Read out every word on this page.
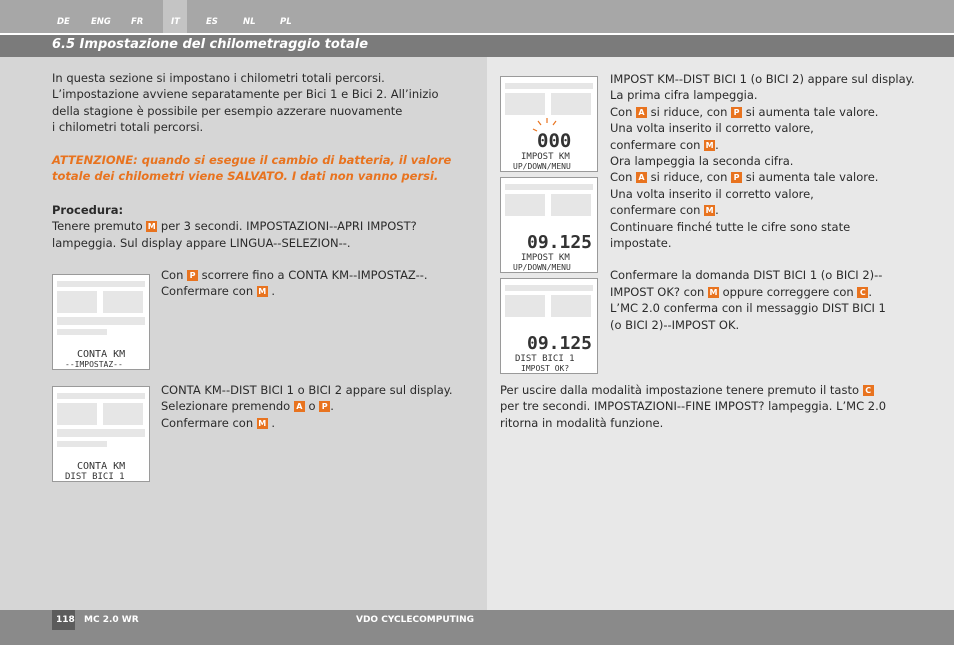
DE ENG FR	IT	ES	NL	PL
6.5 Impostazione del chilometraggio totale
In questa sezione si impostano i chilometri totali percorsi.
L’impostazione avviene separatamente per Bici 1 e Bici 2. All’inizio
della stagione è possibile per esempio azzerare nuovamente
i chilometri totali percorsi.
ATTENZIONE: quando si esegue il cambio di batteria, il valore
totale dei chilometri viene SALVATO. I dati non vanno persi.
Procedura:
Tenere premuto M per 3 secondi. IMPOSTAZIONI--APRI IMPOST?
lampeggia. Sul display appare LINGUA--SELEZION--.
CONTA KM
--IMPOSTAZ--
Con P scorrere fino a CONTA KM--IMPOSTAZ--.
Confermare con M .
CONTA KM
DIST BICI 1
CONTA KM--DIST BICI 1 o BICI 2 appare sul display.
Selezionare premendo A o P .
Confermare con M .
000
IMPOST KM
UP/DOWN/MENU
09.125
IMPOST KM
UP/DOWN/MENU
09.125
DIST BICI 1
IMPOST OK?
IMPOST KM--DIST BICI 1 (o BICI 2) appare sul display.
La prima cifra lampeggia.
Con A si riduce, con P si aumenta tale valore.
Una volta inserito il corretto valore,
confermare con M .
Ora lampeggia la seconda cifra.
Con A si riduce, con P si aumenta tale valore.
Una volta inserito il corretto valore,
confermare con M .
Continuare finché tutte le cifre sono state
impostate.
Confermare la domanda DIST BICI 1 (o BICI 2)--
IMPOST OK? con M oppure correggere con C .
L’MC 2.0 conferma con il messaggio DIST BICI 1
(o BICI 2)--IMPOST OK.
Per uscire dalla modalità impostazione tenere premuto il tasto C
per tre secondi. IMPOSTAZIONI--FINE IMPOST? lampeggia. L’MC 2.0
ritorna in modalità funzione.
118 MC 2.0 WR	VDO CYCLECOMPUTING
